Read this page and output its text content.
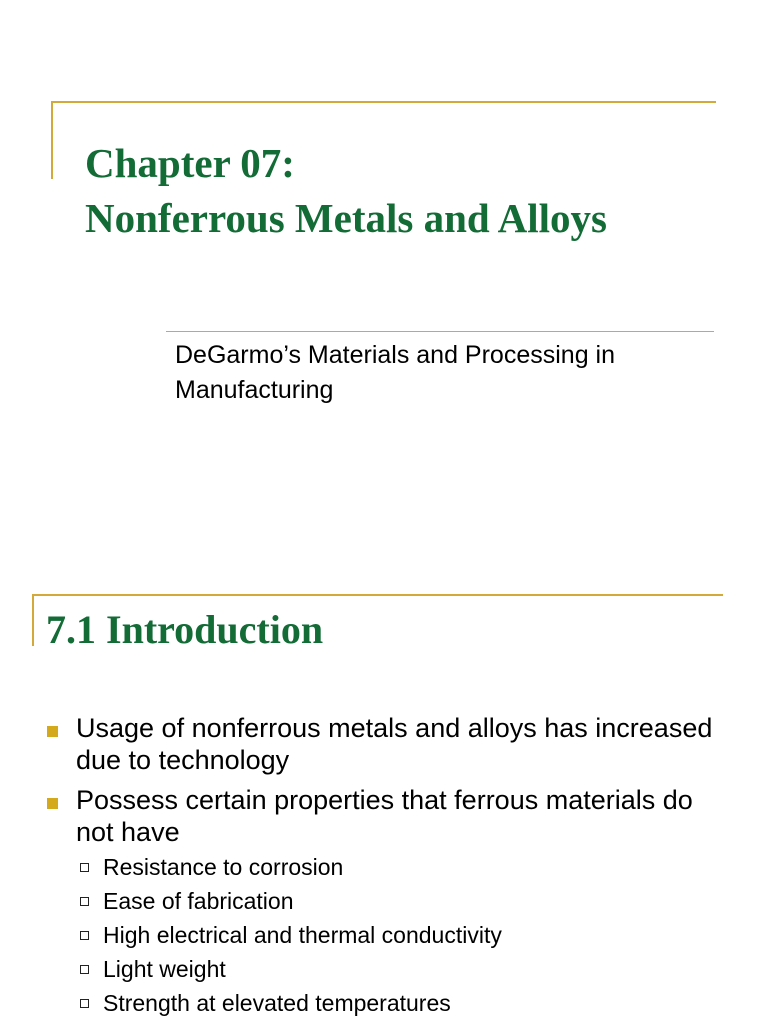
Chapter 07:
Nonferrous Metals and Alloys

DeGarmo’s Materials and Processing in Manufacturing

7.1 Introduction
Usage of nonferrous metals and alloys has increased due to technology
Possess certain properties that ferrous materials do not have
Resistance to corrosion
Ease of fabrication
High electrical and thermal conductivity
Light weight
Strength at elevated temperatures
